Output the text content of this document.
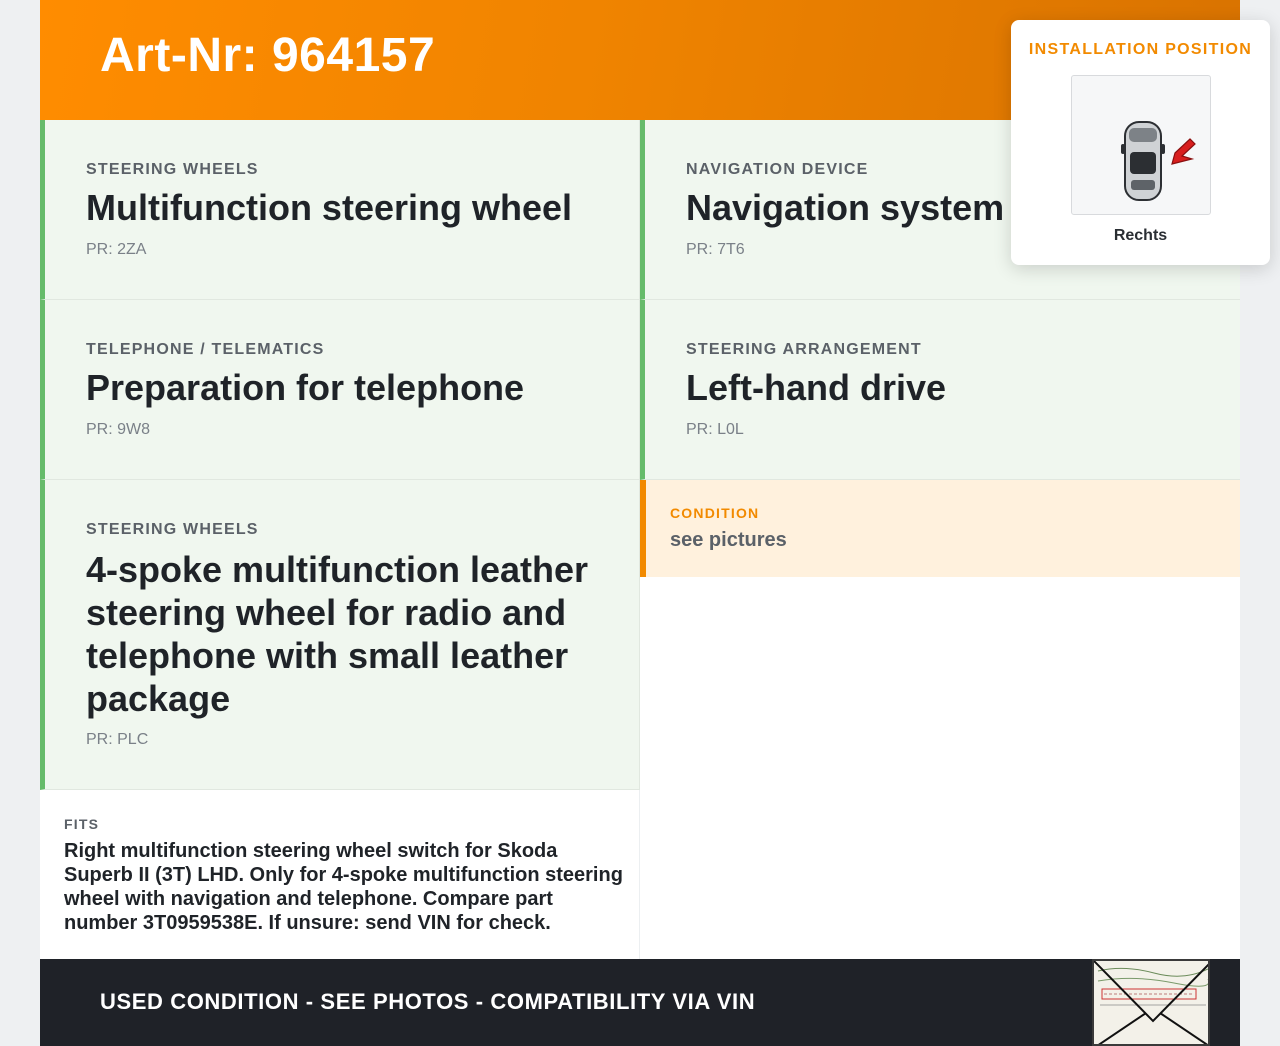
Art-Nr: 964157
STEERING WHEELS
Multifunction steering wheel
PR: 2ZA
NAVIGATION DEVICE
Navigation system
PR: 7T6
TELEPHONE / TELEMATICS
Preparation for telephone
PR: 9W8
STEERING ARRANGEMENT
Left-hand drive
PR: L0L
STEERING WHEELS
4-spoke multifunction leather steering wheel for radio and telephone with small leather package
PR: PLC
CONDITION
see pictures
FITS
Right multifunction steering wheel switch for Skoda Superb II (3T) LHD. Only for 4-spoke multifunction steering wheel with navigation and telephone. Compare part number 3T0959538E. If unsure: send VIN for check.
USED CONDITION - SEE PHOTOS - COMPATIBILITY VIA VIN
INSTALLATION POSITION
Rechts
